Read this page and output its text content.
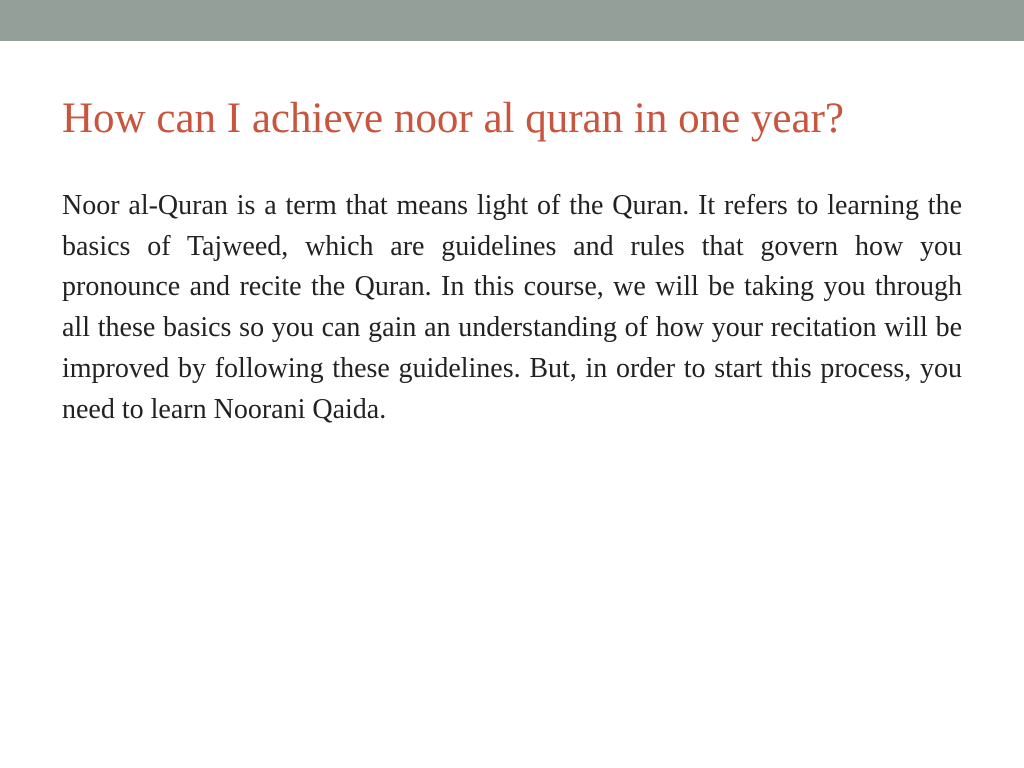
How can I achieve noor al quran in one year?

Noor al-Quran is a term that means light of the Quran. It refers to learning the basics of Tajweed, which are guidelines and rules that govern how you pronounce and recite the Quran. In this course, we will be taking you through all these basics so you can gain an understanding of how your recitation will be improved by following these guidelines. But, in order to start this process, you need to learn Noorani Qaida.
